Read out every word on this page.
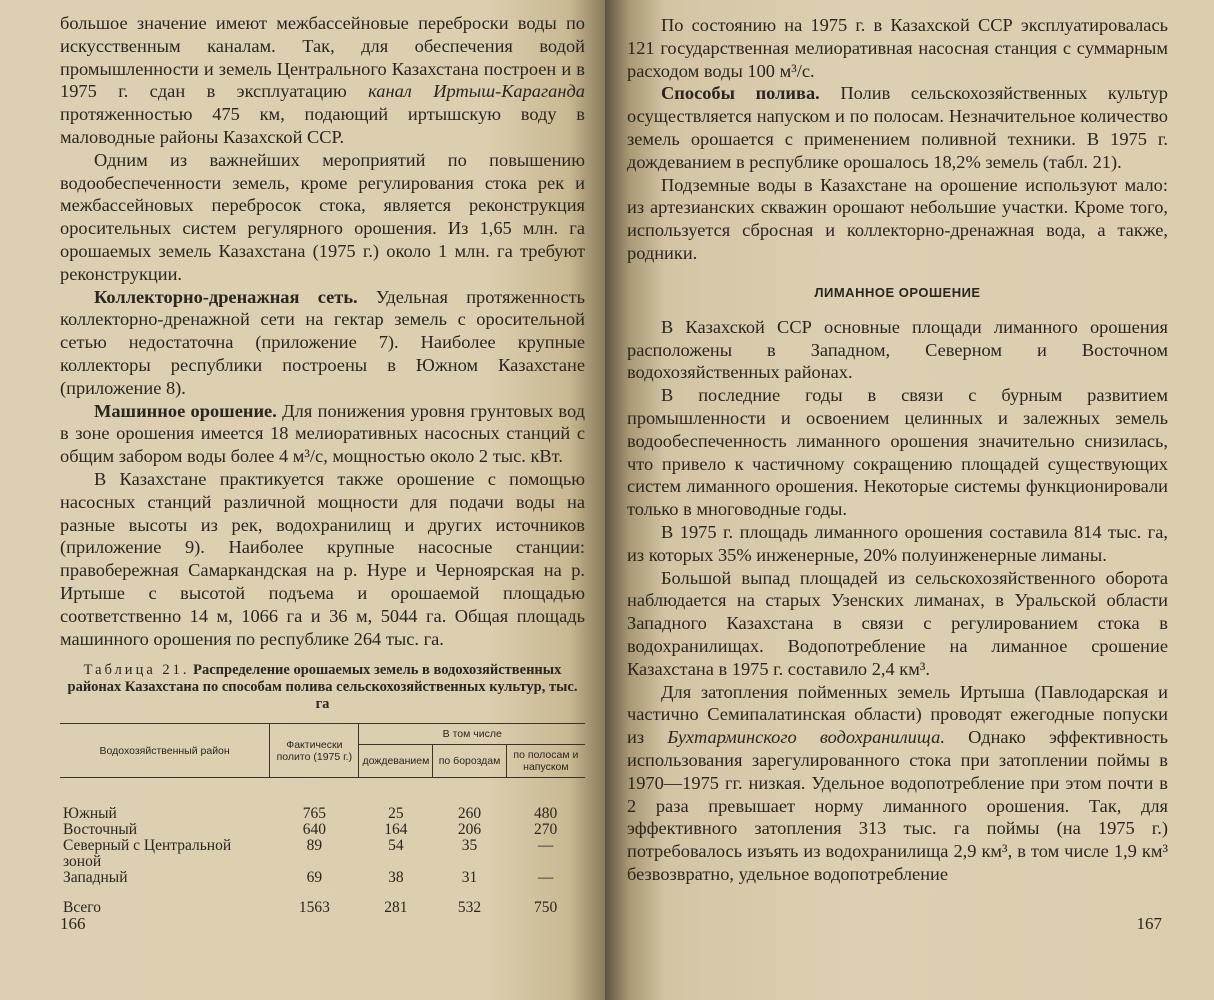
большое значение имеют межбассейновые переброски воды по искусственным каналам. Так, для обеспечения водой промышленности и земель Центрального Казахстана построен и в 1975 г. сдан в эксплуатацию канал Иртыш-Караганда протяженностью 475 км, подающий иртышскую воду в маловодные районы Казахской ССР.

Одним из важнейших мероприятий по повышению водообеспеченности земель, кроме регулирования стока рек и межбассейновых перебросок стока, является реконструкция оросительных систем регулярного орошения. Из 1,65 млн. га орошаемых земель Казахстана (1975 г.) около 1 млн. га требуют реконструкции.

Коллекторно-дренажная сеть. Удельная протяженность коллекторно-дренажной сети на гектар земель с оросительной сетью недостаточна (приложение 7). Наиболее крупные коллекторы республики построены в Южном Казахстане (приложение 8).

Машинное орошение. Для понижения уровня грунтовых вод в зоне орошения имеется 18 мелиоративных насосных станций с общим забором воды более 4 м³/с, мощностью около 2 тыс. кВт.

В Казахстане практикуется также орошение с помощью насосных станций различной мощности для подачи воды на разные высоты из рек, водохранилищ и других источников (приложение 9). Наиболее крупные насосные станции: правобережная Самаркандская на р. Нуре и Черноярская на р. Иртыше с высотой подъема и орошаемой площадью соответственно 14 м, 1066 га и 36 м, 5044 га. Общая площадь машинного орошения по республике 264 тыс. га.

Таблица 21. Распределение орошаемых земель в водохозяйственных районах Казахстана по способам полива сельскохозяйственных культур, тыс. га
Водохозяйственный район	Фактически полито (1975 г.)	В том числе		
		дождеванием	по бороздам	по полосам и напуском
Южный	765	25	260	480
Восточный	640	164	206	270
Северный с Центральной зоной	89	54	35	—
Западный	69	38	31	—
Всего	1563	281	532	750
166

По состоянию на 1975 г. в Казахской ССР эксплуатировалась 121 государственная мелиоративная насосная станция с суммарным расходом воды 100 м³/с.

Способы полива. Полив сельскохозяйственных культур осуществляется напуском и по полосам. Незначительное количество земель орошается с применением поливной техники. В 1975 г. дождеванием в республике орошалось 18,2% земель (табл. 21).

Подземные воды в Казахстане на орошение используют мало: из артезианских скважин орошают небольшие участки. Кроме того, используется сбросная и коллекторно-дренажная вода, а также, родники.

ЛИМАННОЕ ОРОШЕНИЕ

В Казахской ССР основные площади лиманного орошения расположены в Западном, Северном и Восточном водохозяйственных районах.

В последние годы в связи с бурным развитием промышленности и освоением целинных и залежных земель водообеспеченность лиманного орошения значительно снизилась, что привело к частичному сокращению площадей существующих систем лиманного орошения. Некоторые системы функционировали только в многоводные годы.

В 1975 г. площадь лиманного орошения составила 814 тыс. га, из которых 35% инженерные, 20% полуинженерные лиманы.

Большой выпад площадей из сельскохозяйственного оборота наблюдается на старых Узенских лиманах, в Уральской области Западного Казахстана в связи с регулированием стока в водохранилищах. Водопотребление на лиманное срошение Казахстана в 1975 г. составило 2,4 км³.

Для затопления пойменных земель Иртыша (Павлодарская и частично Семипалатинская области) проводят ежегодные попуски из Бухтарминского водохранилища. Однако эффективность использования зарегулированного стока при затоплении поймы в 1970—1975 гг. низкая. Удельное водопотребление при этом почти в 2 раза превышает норму лиманного орошения. Так, для эффективного затопления 313 тыс. га поймы (на 1975 г.) потребовалось изъять из водохранилища 2,9 км³, в том числе 1,9 км³ безвозвратно, удельное водопотребление

167
